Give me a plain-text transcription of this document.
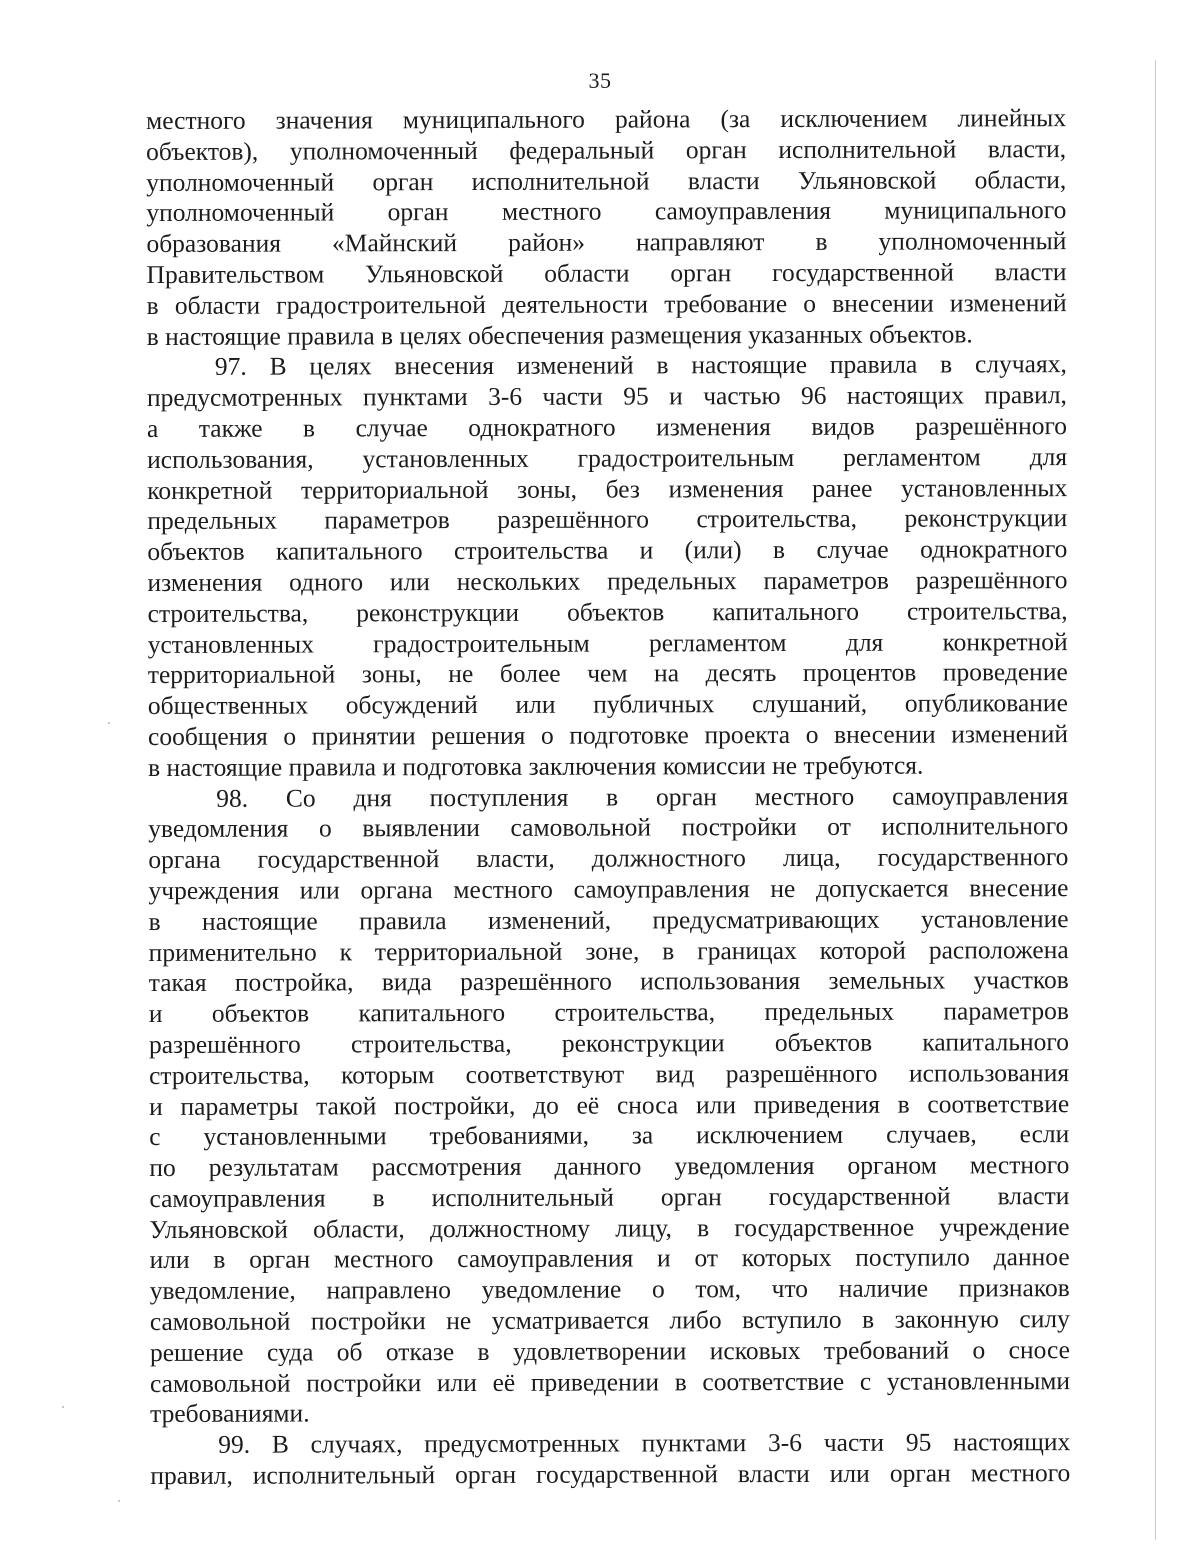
35
местного значения муниципального района (за исключением линейных
объектов), уполномоченный федеральный орган исполнительной власти,
уполномоченный орган исполнительной власти Ульяновской области,
уполномоченный орган местного самоуправления муниципального
образования «Майнский район» направляют в уполномоченный
Правительством Ульяновской области орган государственной власти
в области градостроительной деятельности требование о внесении изменений
в настоящие правила в целях обеспечения размещения указанных объектов.
97. В целях внесения изменений в настоящие правила в случаях,
предусмотренных пунктами 3-6 части 95 и частью 96 настоящих правил,
а также в случае однократного изменения видов разрешённого
использования, установленных градостроительным регламентом для
конкретной территориальной зоны, без изменения ранее установленных
предельных параметров разрешённого строительства, реконструкции
объектов капитального строительства и (или) в случае однократного
изменения одного или нескольких предельных параметров разрешённого
строительства, реконструкции объектов капитального строительства,
установленных градостроительным регламентом для конкретной
территориальной зоны, не более чем на десять процентов проведение
общественных обсуждений или публичных слушаний, опубликование
сообщения о принятии решения о подготовке проекта о внесении изменений
в настоящие правила и подготовка заключения комиссии не требуются.
98. Со дня поступления в орган местного самоуправления
уведомления о выявлении самовольной постройки от исполнительного
органа государственной власти, должностного лица, государственного
учреждения или органа местного самоуправления не допускается внесение
в настоящие правила изменений, предусматривающих установление
применительно к территориальной зоне, в границах которой расположена
такая постройка, вида разрешённого использования земельных участков
и объектов капитального строительства, предельных параметров
разрешённого строительства, реконструкции объектов капитального
строительства, которым соответствуют вид разрешённого использования
и параметры такой постройки, до её сноса или приведения в соответствие
с установленными требованиями, за исключением случаев, если
по результатам рассмотрения данного уведомления органом местного
самоуправления в исполнительный орган государственной власти
Ульяновской области, должностному лицу, в государственное учреждение
или в орган местного самоуправления и от которых поступило данное
уведомление, направлено уведомление о том, что наличие признаков
самовольной постройки не усматривается либо вступило в законную силу
решение суда об отказе в удовлетворении исковых требований о сносе
самовольной постройки или её приведении в соответствие с установленными
требованиями.
99. В случаях, предусмотренных пунктами 3-6 части 95 настоящих
правил, исполнительный орган государственной власти или орган местного
